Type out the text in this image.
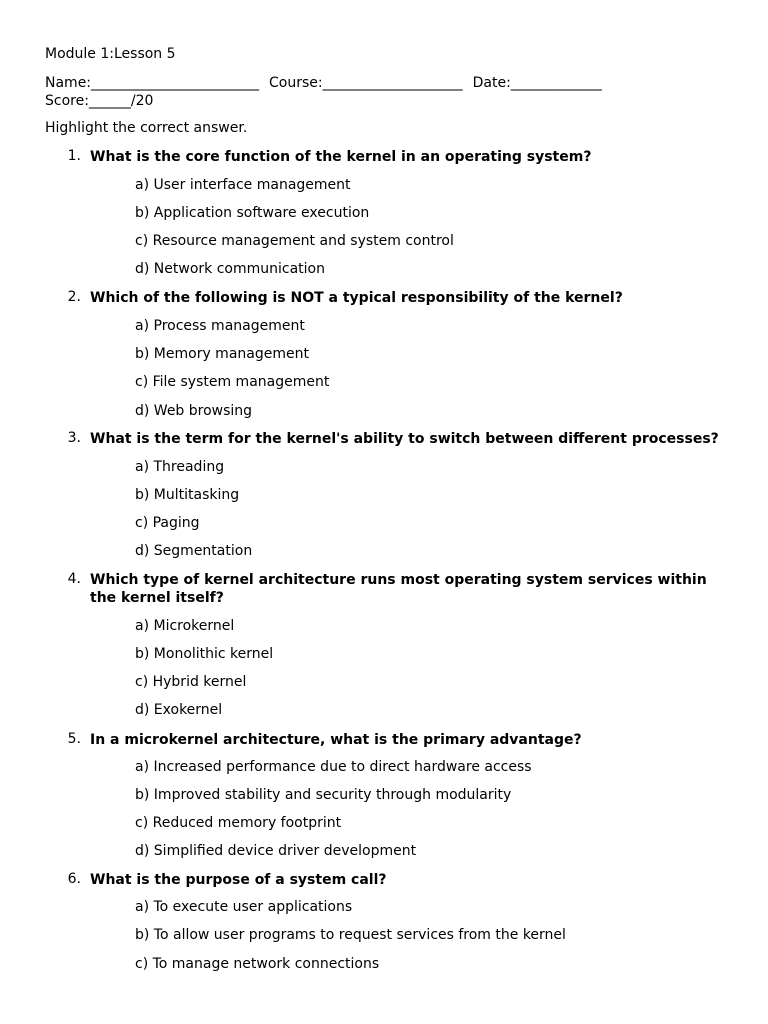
Module 1:Lesson 5
Name:________________________ Course:____________________ Date:_____________
Score:______/20
Highlight the correct answer.
1. What is the core function of the kernel in an operating system?
a) User interface management
b) Application software execution
c) Resource management and system control
d) Network communication
2. Which of the following is NOT a typical responsibility of the kernel?
a) Process management
b) Memory management
c) File system management
d) Web browsing
3. What is the term for the kernel's ability to switch between different processes?
a) Threading
b) Multitasking
c) Paging
d) Segmentation
4. Which type of kernel architecture runs most operating system services within the kernel itself?
a) Microkernel
b) Monolithic kernel
c) Hybrid kernel
d) Exokernel
5. In a microkernel architecture, what is the primary advantage?
a) Increased performance due to direct hardware access
b) Improved stability and security through modularity
c) Reduced memory footprint
d) Simplified device driver development
6. What is the purpose of a system call?
a) To execute user applications
b) To allow user programs to request services from the kernel
c) To manage network connections
